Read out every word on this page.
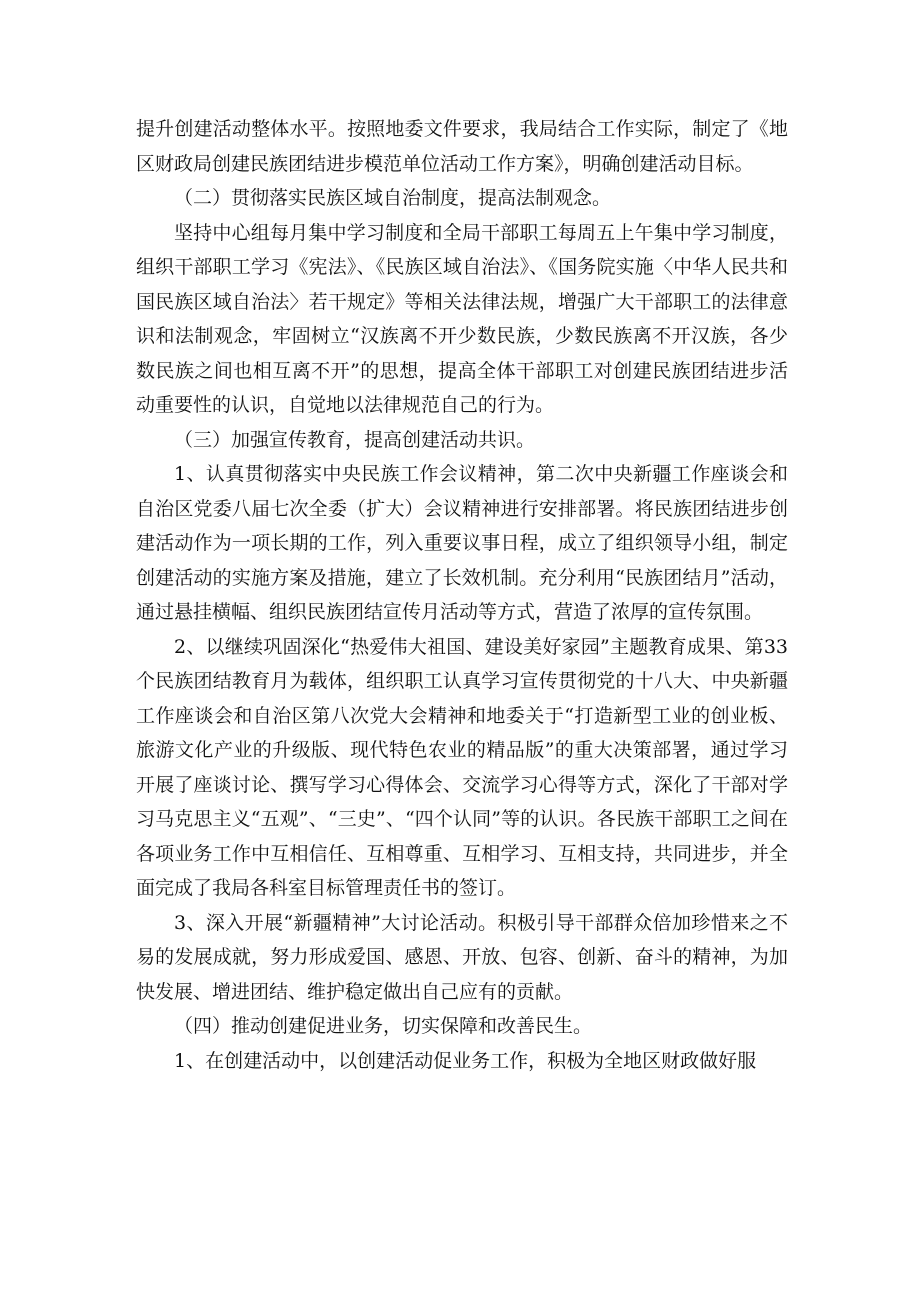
提升创建活动整体水平。按照地委文件要求，我局结合工作实际，制定了《地区财政局创建民族团结进步模范单位活动工作方案》，明确创建活动目标。

（二）贯彻落实民族区域自治制度，提高法制观念。

坚持中心组每月集中学习制度和全局干部职工每周五上午集中学习制度，组织干部职工学习《宪法》、《民族区域自治法》、《国务院实施〈中华人民共和国民族区域自治法〉若干规定》等相关法律法规，增强广大干部职工的法律意识和法制观念，牢固树立“汉族离不开少数民族，少数民族离不开汉族，各少数民族之间也相互离不开”的思想，提高全体干部职工对创建民族团结进步活动重要性的认识，自觉地以法律规范自己的行为。

（三）加强宣传教育，提高创建活动共识。

1、认真贯彻落实中央民族工作会议精神，第二次中央新疆工作座谈会和自治区党委八届七次全委（扩大）会议精神进行安排部署。将民族团结进步创建活动作为一项长期的工作，列入重要议事日程，成立了组织领导小组，制定创建活动的实施方案及措施，建立了长效机制。充分利用“民族团结月”活动，通过悬挂横幅、组织民族团结宣传月活动等方式，营造了浓厚的宣传氛围。

2、以继续巩固深化“热爱伟大祖国、建设美好家园”主题教育成果、第33个民族团结教育月为载体，组织职工认真学习宣传贯彻党的十八大、中央新疆工作座谈会和自治区第八次党大会精神和地委关于“打造新型工业的创业板、旅游文化产业的升级版、现代特色农业的精品版”的重大决策部署，通过学习开展了座谈讨论、撰写学习心得体会、交流学习心得等方式，深化了干部对学习马克思主义“五观”、“三史”、“四个认同”等的认识。各民族干部职工之间在各项业务工作中互相信任、互相尊重、互相学习、互相支持，共同进步，并全面完成了我局各科室目标管理责任书的签订。

3、深入开展“新疆精神”大讨论活动。积极引导干部群众倍加珍惜来之不易的发展成就，努力形成爱国、感恩、开放、包容、创新、奋斗的精神，为加快发展、增进团结、维护稳定做出自己应有的贡献。

（四）推动创建促进业务，切实保障和改善民生。

1、在创建活动中，以创建活动促业务工作，积极为全地区财政做好服
